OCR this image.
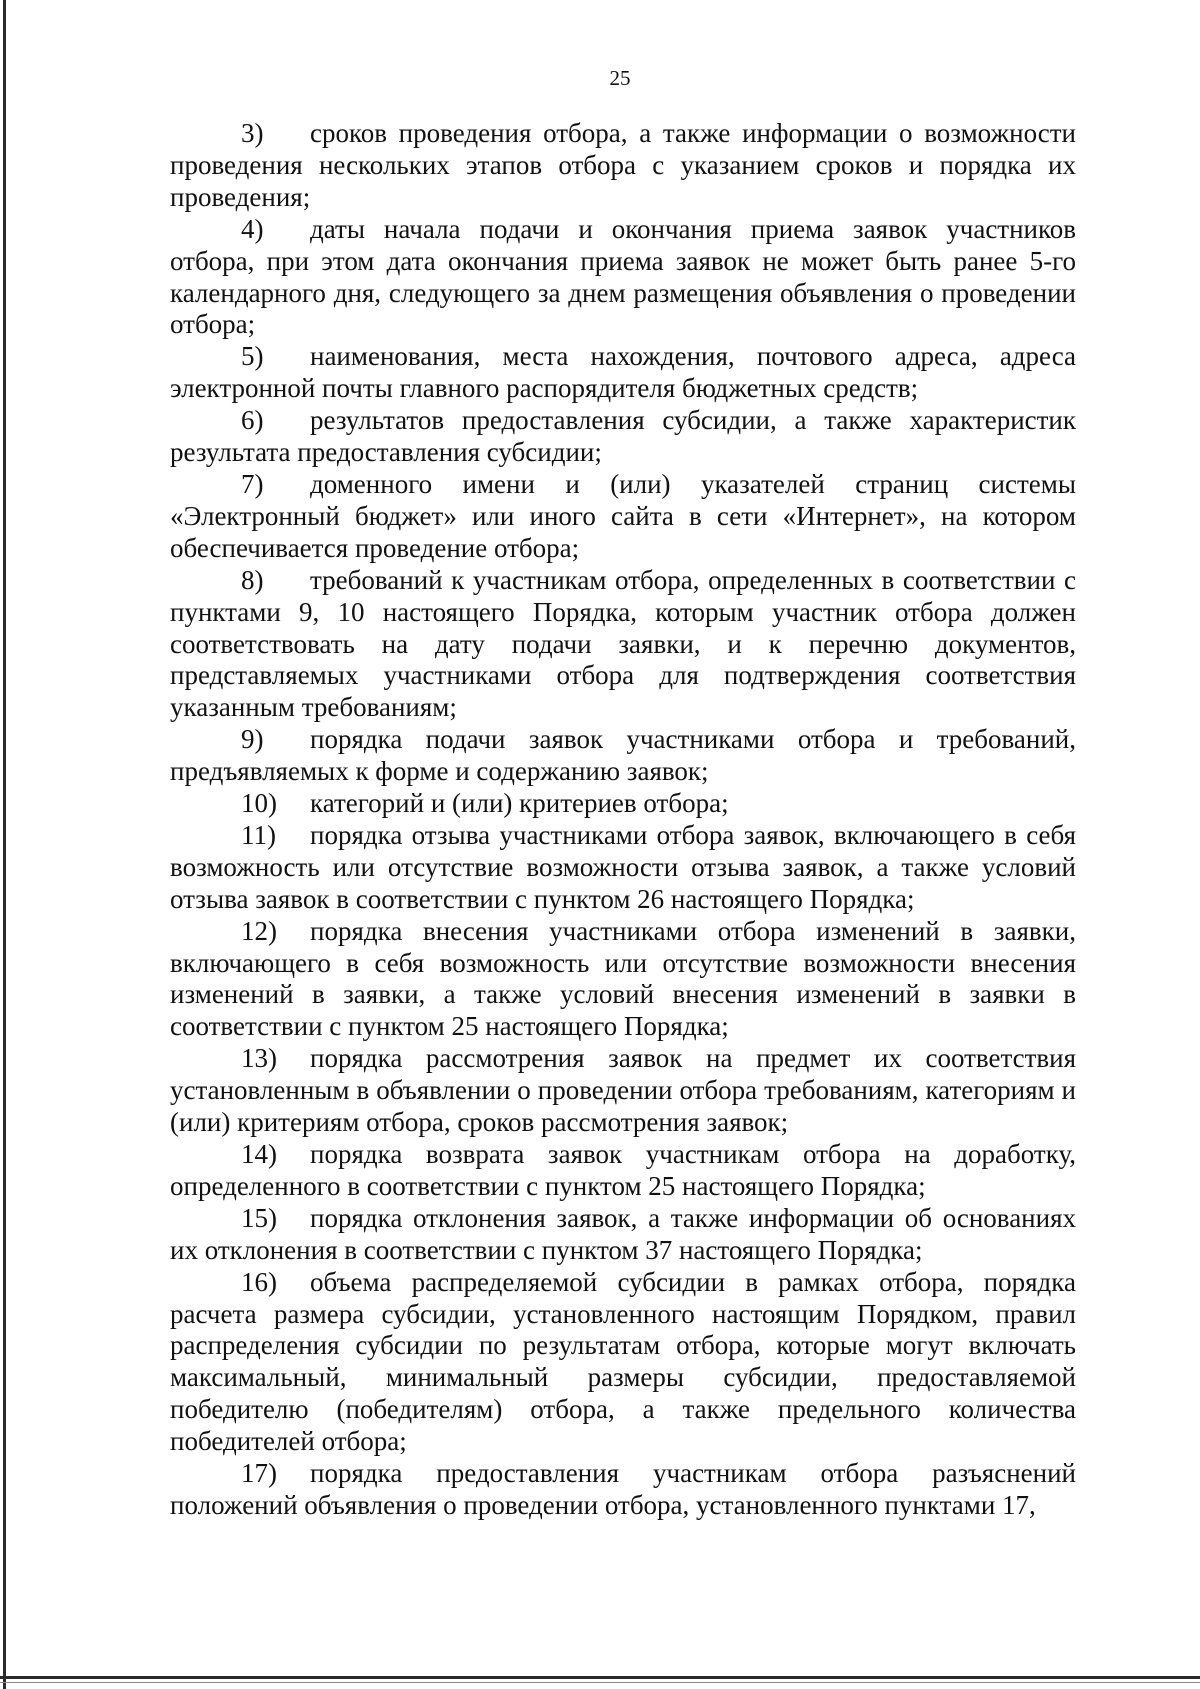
25

3) сроков проведения отбора, а также информации о возможности проведения нескольких этапов отбора с указанием сроков и порядка их проведения;

4) даты начала подачи и окончания приема заявок участников отбора, при этом дата окончания приема заявок не может быть ранее 5-го календарного дня, следующего за днем размещения объявления о проведении отбора;

5) наименования, места нахождения, почтового адреса, адреса электронной почты главного распорядителя бюджетных средств;

6) результатов предоставления субсидии, а также характеристик результата предоставления субсидии;

7) доменного имени и (или) указателей страниц системы «Электронный бюджет» или иного сайта в сети «Интернет», на котором обеспечивается проведение отбора;

8) требований к участникам отбора, определенных в соответствии с пунктами 9, 10 настоящего Порядка, которым участник отбора должен соответствовать на дату подачи заявки, и к перечню документов, представляемых участниками отбора для подтверждения соответствия указанным требованиям;

9) порядка подачи заявок участниками отбора и требований, предъявляемых к форме и содержанию заявок;

10) категорий и (или) критериев отбора;

11) порядка отзыва участниками отбора заявок, включающего в себя возможность или отсутствие возможности отзыва заявок, а также условий отзыва заявок в соответствии с пунктом 26 настоящего Порядка;

12) порядка внесения участниками отбора изменений в заявки, включающего в себя возможность или отсутствие возможности внесения изменений в заявки, а также условий внесения изменений в заявки в соответствии с пунктом 25 настоящего Порядка;

13) порядка рассмотрения заявок на предмет их соответствия установленным в объявлении о проведении отбора требованиям, категориям и (или) критериям отбора, сроков рассмотрения заявок;

14) порядка возврата заявок участникам отбора на доработку, определенного в соответствии с пунктом 25 настоящего Порядка;

15) порядка отклонения заявок, а также информации об основаниях их отклонения в соответствии с пунктом 37 настоящего Порядка;

16) объема распределяемой субсидии в рамках отбора, порядка расчета размера субсидии, установленного настоящим Порядком, правил распределения субсидии по результатам отбора, которые могут включать максимальный, минимальный размеры субсидии, предоставляемой победителю (победителям) отбора, а также предельного количества победителей отбора;

17) порядка предоставления участникам отбора разъяснений положений объявления о проведении отбора, установленного пунктами 17,
